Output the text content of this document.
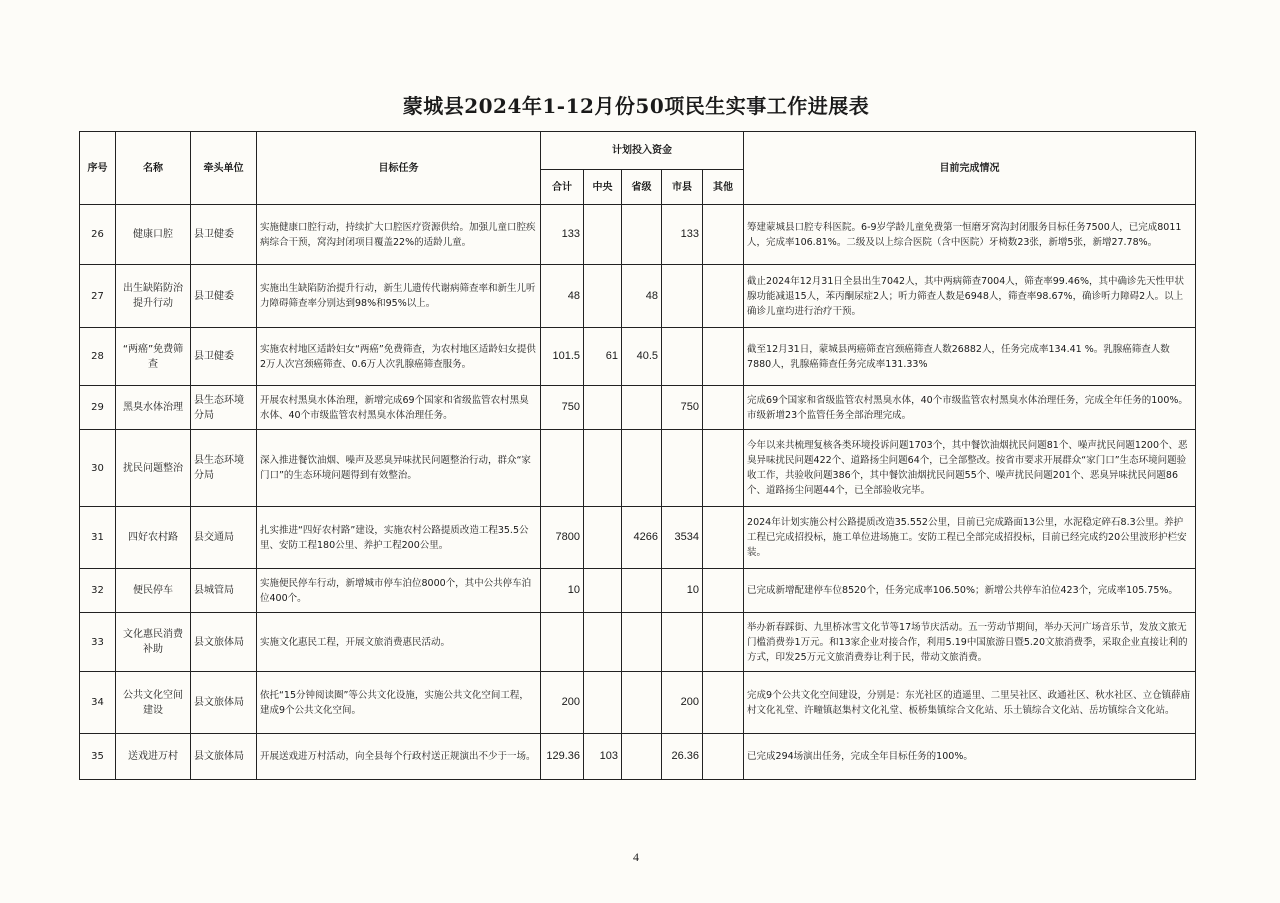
蒙城县2024年1-12月份50项民生实事工作进展表
序号	名称	牵头单位	目标任务	计划投入资金					目前完成情况
				合计	中央	省级	市县	其他	
26	健康口腔	县卫健委	实施健康口腔行动，持续扩大口腔医疗资源供给。加强儿童口腔疾病综合干预，窝沟封闭项目覆盖22%的适龄儿童。	133			133		筹建蒙城县口腔专科医院。6-9岁学龄儿童免费第一恒磨牙窝沟封闭服务目标任务7500人，已完成8011人，完成率106.81%。二级及以上综合医院（含中医院）牙椅数23张，新增5张，新增27.78%。
27	出生缺陷防治提升行动	县卫健委	实施出生缺陷防治提升行动，新生儿遗传代谢病筛查率和新生儿听力障碍筛查率分别达到98%和95%以上。	48		48			截止2024年12月31日全县出生7042人，其中两病筛查7004人，筛查率99.46%，其中确诊先天性甲状腺功能减退15人，苯丙酮尿症2人；听力筛查人数是6948人，筛查率98.67%，确诊听力障碍2人。以上确诊儿童均进行治疗干预。
28	“两癌”免费筛查	县卫健委	实施农村地区适龄妇女“两癌”免费筛查，为农村地区适龄妇女提供2万人次宫颈癌筛查、0.6万人次乳腺癌筛查服务。	101.5	61	40.5			截至12月31日，蒙城县两癌筛查宫颈癌筛查人数26882人，任务完成率134.41 %。乳腺癌筛查人数　7880人，乳腺癌筛查任务完成率131.33%
29	黑臭水体治理	县生态环境分局	开展农村黑臭水体治理，新增完成69个国家和省级监管农村黑臭水体、40个市级监管农村黑臭水体治理任务。	750			750		完成69个国家和省级监管农村黑臭水体，40个市级监管农村黑臭水体治理任务，完成全年任务的100%。市级新增23个监管任务全部治理完成。
30	扰民问题整治	县生态环境分局	深入推进餐饮油烟、噪声及恶臭异味扰民问题整治行动，群众“家门口”的生态环境问题得到有效整治。						今年以来共梳理复核各类环境投诉问题1703个，其中餐饮油烟扰民问题81个、噪声扰民问题1200个、恶臭异味扰民问题422个、道路扬尘问题64个，已全部整改。按省市要求开展群众“家门口”生态环境问题验收工作，共验收问题386个，其中餐饮油烟扰民问题55个、噪声扰民问题201个、恶臭异味扰民问题86个、道路扬尘问题44个，已全部验收完毕。
31	四好农村路	县交通局	扎实推进“四好农村路”建设，实施农村公路提质改造工程35.5公里、安防工程180公里、养护工程200公里。	7800		4266	3534		2024年计划实施公村公路提质改造35.552公里，目前已完成路面13公里，水泥稳定碎石8.3公里。养护工程已完成招投标，施工单位进场施工。安防工程已全部完成招投标，目前已经完成约20公里波形护栏安装。
32	便民停车	县城管局	实施便民停车行动，新增城市停车泊位8000个，其中公共停车泊位400个。	10			10		已完成新增配建停车位8520个，任务完成率106.50%；新增公共停车泊位423个，完成率105.75%。
33	文化惠民消费补助	县文旅体局	实施文化惠民工程，开展文旅消费惠民活动。						举办新春踩街、九里桥冰雪文化节等17场节庆活动。五一劳动节期间，举办天河广场音乐节，发放文旅无门槛消费券1万元。和13家企业对接合作，利用5.19中国旅游日暨5.20文旅消费季，采取企业直接让利的方式，印发25万元文旅消费券让利于民，带动文旅消费。
34	公共文化空间建设	县文旅体局	依托“15分钟阅读圈”等公共文化设施，实施公共文化空间工程，建成9个公共文化空间。	200			200		完成9个公共文化空间建设，分别是：东光社区的逍遥里、二里吴社区、政通社区、秋水社区、立仓镇薛庙村文化礼堂、许疃镇赵集村文化礼堂、板桥集镇综合文化站、乐土镇综合文化站、岳坊镇综合文化站。
35	送戏进万村	县文旅体局	开展送戏进万村活动，向全县每个行政村送正规演出不少于一场。	129.36	103		26.36		已完成294场演出任务，完成全年目标任务的100%。
4
